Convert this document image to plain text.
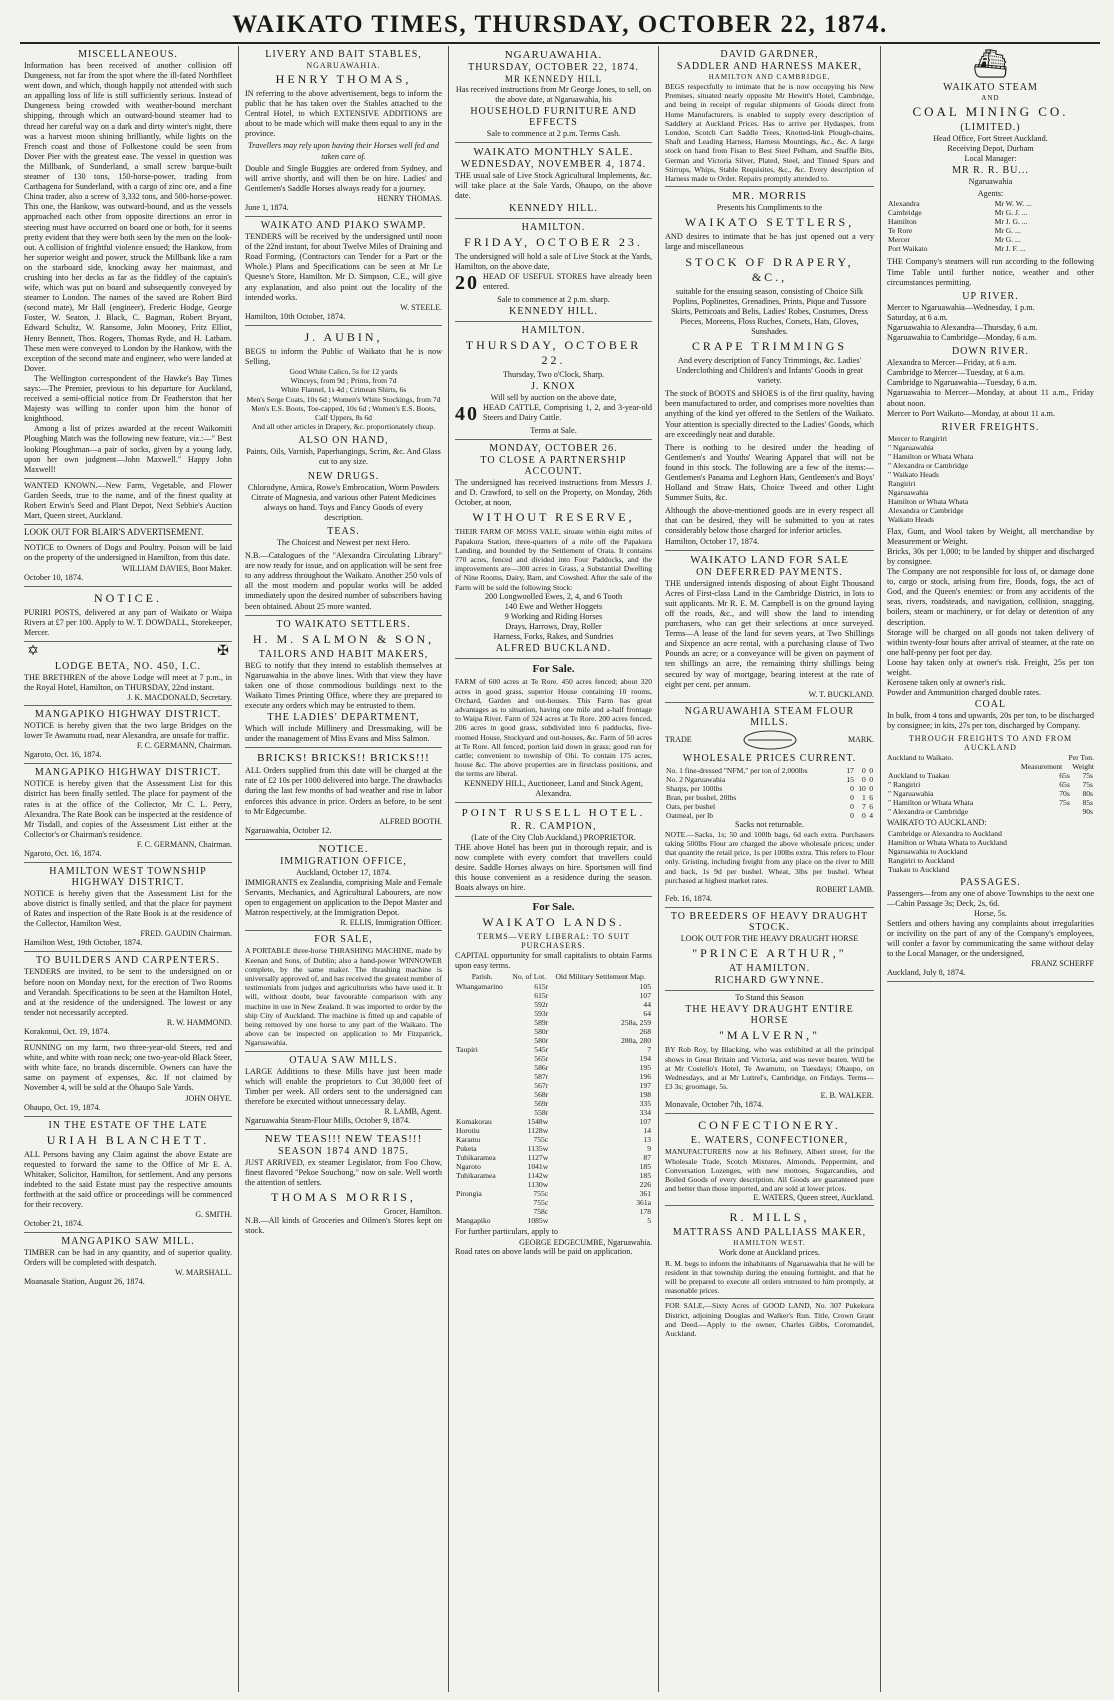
WAIKATO TIMES, THURSDAY, OCTOBER 22, 1874.
MISCELLANEOUS.

Information has been received of another collision off Dungeness, not far from the spot where the ill-fated Northfleet went down, and which, though happily not attended with such an appalling loss of life is still sufficiently serious. Instead of Dungeness being crowded with weather-bound merchant shipping, through which an outward-bound steamer had to thread her careful way on a dark and dirty winter's night, there was a harvest moon shining brilliantly, while lights on the French coast and those of Folkestone could be seen from Dover Pier with the greatest ease. The vessel in question was the Millbank, of Sunderland, a small screw barque-built steamer of 130 tons, 150-horse-power, trading from Carthagena for Sunderland, with a cargo of zinc ore, and a fine China trader, also a screw of 3,332 tons, and 500-horse-power. This one, the Hankow, was outward-bound, and as the vessels approached each other from opposite directions an error in steering must have occurred on board one or both, for it seems pretty evident that they were both seen by the men on the look-out. A collision of frightful violence ensued; the Hankow, from her superior weight and power, struck the Millbank like a ram on the starboard side, knocking away her mainmast, and crushing into her decks as far as the fiddley of the captain's wife, which was put on board and subsequently conveyed by steamer to London. The names of the saved are Robert Bird (second mate), Mr Hall (engineer), Frederic Hodge, George Foster, W. Seaton, J. Black, C. Bagman, Robert Bryant, Edward Schultz, W. Ransome, John Mooney, Fritz Elliot, Henry Bennett, Thos. Rogers, Thomas Ryde, and H. Latham. These men were conveyed to London by the Hankow, with the exception of the second mate and engineer, who were landed at Dover.

The Wellington correspondent of the Hawke's Bay Times says:—The Premier, previous to his departure for Auckland, received a semi-official notice from Dr Featherston that her Majesty was willing to confer upon him the honor of knighthood.

Among a list of prizes awarded at the recent Waikomiti Ploughing Match was the following new feature, viz.:—" Best looking Ploughman—a pair of socks, given by a young lady, upon her own judgment—John Maxwell." Happy John Maxwell!

WANTED KNOWN.—New Farm, Vegetable, and Flower Garden Seeds, true to the name, and of the finest quality at Robert Erwin's Seed and Plant Depot, Next Sebbie's Auction Mart, Queen street, Auckland.

LOOK OUT FOR BLAIR'S ADVERTISEMENT.

NOTICE to Owners of Dogs and Poultry. Poison will be laid on the property of the undersigned in Hamilton, from this date.

WILLIAM DAVIES, Boot Maker.

October 10, 1874.

NOTICE.

PURIRI POSTS, delivered at any part of Waikato or Waipa Rivers at £7 per 100. Apply to W. T. DOWDALL, Storekeeper, Mercer.

✡	✠
LODGE BETA, NO. 450, I.C.

THE BRETHREN of the above Lodge will meet at 7 p.m., in the Royal Hotel, Hamilton, on THURSDAY, 22nd instant.

J. K. MACDONALD, Secretary.
MANGAPIKO HIGHWAY DISTRICT.

NOTICE is hereby given that the two large Bridges on the lower Te Awamutu road, near Alexandra, are unsafe for traffic.

F. C. GERMANN, Chairman.

Ngaroto, Oct. 16, 1874.

MANGAPIKO HIGHWAY DISTRICT.

NOTICE is hereby given that the Assessment List for this district has been finally settled. The place for payment of the rates is at the office of the Collector, Mr C. L. Perry, Alexandra. The Rate Book can be inspected at the residence of Mr Tisdall, and copies of the Assessment List either at the Collector's or Chairman's residence.

F. C. GERMANN, Chairman.

Ngaroto, Oct. 16, 1874.

HAMILTON WEST TOWNSHIP HIGHWAY DISTRICT.

NOTICE is hereby given that the Assessment List for the above district is finally settled, and that the place for payment of Rates and inspection of the Rate Book is at the residence of the Collector, Hamilton West.

FRED. GAUDIN Chairman.

Hamilton West, 19th October, 1874.

TO BUILDERS AND CARPENTERS.

TENDERS are invited, to be sent to the undersigned on or before noon on Monday next, for the erection of Two Rooms and Verandah. Specifications to be seen at the Hamilton Hotel, and at the residence of the undersigned. The lowest or any tender not necessarily accepted.

R. W. HAMMOND.

Korakonui, Oct. 19, 1874.

RUNNING on my farm, two three-year-old Steers, red and white, and white with roan neck; one two-year-old Black Steer, with white face, no brands discernible. Owners can have the same on payment of expenses, &c. If not claimed by November 4, will be sold at the Ohaupo Sale Yards.

JOHN OHYE.

Ohaupo, Oct. 19, 1874.

IN THE ESTATE OF THE LATE
URIAH BLANCHETT.

ALL Persons having any Claim against the above Estate are requested to forward the same to the Office of Mr E. A. Whitaker, Solicitor, Hamilton, for settlement. And any persons indebted to the said Estate must pay the respective amounts forthwith at the said office or proceedings will be commenced for their recovery.

G. SMITH.

October 21, 1874.

MANGAPIKO SAW MILL.

TIMBER can be had in any quantity, and of superior quality. Orders will be completed with despatch.

W. MARSHALL.

Moanasale Station, August 26, 1874.

LIVERY AND BAIT STABLES,
NGARUAWAHIA.
HENRY THOMAS,

IN referring to the above advertisement, begs to inform the public that he has taken over the Stables attached to the Central Hotel, to which EXTENSIVE ADDITIONS are about to be made which will make them equal to any in the province.

Travellers may rely upon having their Horses well fed and taken care of.

Double and Single Buggies are ordered from Sydney, and will arrive shortly, and will then be on hire. Ladies' and Gentlemen's Saddle Horses always ready for a journey.

HENRY THOMAS.

June 1, 1874.

WAIKATO AND PIAKO SWAMP.

TENDERS will be received by the undersigned until noon of the 22nd instant, for about Twelve Miles of Draining and Road Forming, (Contractors can Tender for a Part or the Whole.) Plans and Specifications can be seen at Mr Le Quesne's Store, Hamilton. Mr D. Simpson, C.E., will give any explanation, and also point out the locality of the intended works.

W. STEELE.

Hamilton, 10th October, 1874.

J. AUBIN,

BEGS to inform the Public of Waikato that he is now Selling,

Good White Calico, 5s for 12 yards
Winceys, from 9d ; Prints, from 7d
White Flannel, 1s 4d ; Crimean Shirts, 6s
Men's Serge Coats, 10s 6d ; Women's White Stockings, from 7d
Men's E.S. Boots, Toe-capped, 10s 6d ; Women's E.S. Boots, Calf Uppers, 8s 6d
And all other articles in Drapery, &c. proportionately cheap.

ALSO ON HAND,

Paints, Oils, Varnish, Paperhangings, Scrim, &c. And Glass cut to any size.

NEW DRUGS.

Chlorodyne, Arnica, Rowe's Embrocation, Worm Powders Citrate of Magnesia, and various other Patent Medicines always on hand. Toys and Fancy Goods of every description.

TEAS.

The Choicest and Newest per next Hero.

N.B.—Catalogues of the "Alexandra Circulating Library" are now ready for issue, and on application will be sent free to any address throughout the Waikato. Another 250 vols of all the most modern and popular works will be added immediately upon the desired number of subscribers having been obtained. About 25 more wanted.

TO WAIKATO SETTLERS.
H. M. SALMON & SON,
TAILORS AND HABIT MAKERS,

BEG to notify that they intend to establish themselves at Ngaruawahia in the above lines. With that view they have taken one of those commodious buildings next to the Waikato Times Printing Office, where they are prepared to execute any orders which may be entrusted to them.

THE LADIES' DEPARTMENT,

Which will include Millinery and Dressmaking, will be under the management of Miss Evans and Miss Salmon.

BRICKS! BRICKS!! BRICKS!!!

ALL Orders supplied from this date will be charged at the rate of £2 10s per 1000 delivered into barge. The drawbacks during the last few months of bad weather and rise in labor enforces this advance in price. Orders as before, to be sent to Mr Edgecumbe.

ALFRED BOOTH.

Ngaruawahia, October 12.

NOTICE.
IMMIGRATION OFFICE,

Auckland, October 17, 1874.

IMMIGRANTS ex Zealandia, comprising Male and Female Servants, Mechanics, and Agricultural Labourers, are now open to engagement on application to the Depot Master and Matron respectively, at the Immigration Depot.

R. ELLIS, Immigration Officer.
FOR SALE,

A PORTABLE three-horse THRASHING MACHINE, made by Keenan and Sons, of Dublin; also a hand-power WINNOWER complete, by the same maker. The thrashing machine is universally approved of, and has received the greatest number of testimonials from judges and agriculturists who have used it. It will, without doubt, bear favourable comparison with any machine in use in New Zealand. It was imported to order by the ship City of Auckland. The machine is fitted up and capable of being removed by one horse to any part of the Waikato. The above can be inspected on application to Mr Fitzpatrick, Ngaruawahia.

OTAUA SAW MILLS.

LARGE Additions to these Mills have just been made which will enable the proprietors to Cut 30,000 feet of Timber per week. All orders sent to the undersigned can therefore be executed without unnecessary delay.

R. LAMB, Agent.

Ngaruawahia Steam-Flour Mills, October 9, 1874.

NEW TEAS!!! NEW TEAS!!!
SEASON 1874 AND 1875.

JUST ARRIVED, ex steamer Legislator, from Foo Chow, finest flavored "Pekoe Souchong," now on sale. Well worth the attention of settlers.

THOMAS MORRIS,
Grocer, Hamilton.

N.B.—All kinds of Groceries and Oilmen's Stores kept on stock.

NGARUAWAHIA.
THURSDAY, OCTOBER 22, 1874.
MR KENNEDY HILL

Has received instructions from Mr George Jones, to sell, on the above date, at Ngaruawahia, his

HOUSEHOLD FURNITURE AND EFFECTS

Sale to commence at 2 p.m. Terms Cash.

WAIKATO MONTHLY SALE.
WEDNESDAY, NOVEMBER 4, 1874.

THE usual sale of Live Stock Agricultural Implements, &c. will take place at the Sale Yards, Ohaupo, on the above date.

KENNEDY HILL.
HAMILTON.
FRIDAY, OCTOBER 23.

The undersigned will hold a sale of Live Stock at the Yards, Hamilton, on the above date,

20 HEAD OF USEFUL STORES have already been entered.

Sale to commence at 2 p.m. sharp.

KENNEDY HILL.
HAMILTON.
THURSDAY, OCTOBER 22.

Thursday, Two o'Clock, Sharp.

J. KNOX

Will sell by auction on the above date,

40 HEAD CATTLE, Comprising 1, 2, and 3-year-old Steers and Dairy Cattle.

Terms at Sale.

MONDAY, OCTOBER 26.
TO CLOSE A PARTNERSHIP ACCOUNT.

The undersigned has received instructions from Messrs J. and D. Crawford, to sell on the Property, on Monday, 26th October, at noon,

WITHOUT RESERVE,

THEIR FARM OF MOSS VALE, situate within eight miles of Papakura Station, three-quarters of a mile off the Papakura Landing, and bounded by the Settlement of Orata. It contains 770 acres, fenced and divided into Four Paddocks, and the improvements are—300 acres in Grass, a Substantial Dwelling of Nine Rooms, Dairy, Barn, and Cowshed. After the sale of the Farm will be sold the following Stock:

200 Longwoolled Ewes, 2, 4, and 6 Tooth
140 Ewe and Wether Hoggets
9 Working and Riding Horses
Drays, Harrows, Dray, Roller
Harness, Forks, Rakes, and Sundries

ALFRED BUCKLAND.
For Sale.

FARM of 600 acres at Te Rore. 450 acres fenced; about 320 acres in good grass, superior House containing 10 rooms, Orchard, Garden and out-houses. This Farm has great advantages as to situation, having one mile and a-half frontage to Waipa River. Farm of 324 acres at Te Rore. 200 acres fenced, 206 acres in good grass, subdivided into 6 paddocks, five-roomed House, Stockyard and out-houses, &c. Farm of 50 acres at Te Rore. All fenced, portion laid down in grass; good run for cattle; convenient to township of Ohi. To contain 175 acres, house &c. The above properties are in firstclass positions, and the terms are liberal.

KENNEDY HILL, Auctioneer, Land and Stock Agent, Alexandra.

POINT RUSSELL HOTEL.
R. R. CAMPION,

(Late of the City Club Auckland,) PROPRIETOR.

THE above Hotel has been put in thorough repair, and is now complete with every comfort that travellers could desire. Saddle Horses always on hire. Sportsmen will find this house convenient as a residence during the season. Boats always on hire.

For Sale.
WAIKATO LANDS.
TERMS—VERY LIBERAL: TO SUIT PURCHASERS.

CAPITAL opportunity for small capitalists to obtain Farms upon easy terms.

Parish.	No. of Lot.	Old Military Settlement Map.
Whangamarino	615r	105
	615r	107
	592r	44
	593r	64
	589r	258a, 259
	580r	268
	580r	280a, 280
Taupiri	545r	7
	565r	194
	586r	195
	587r	196
	567r	197
	568r	198
	569r	335
	558r	334
Komakorau	1548w	107
Horotiu	1128w	14
Karamu	755c	13
Puketa	1135w	9
Tuhikaramea	1127w	87
Ngaroto	1041w	185
Tuhikaramea	1142w	185
	1130w	226
Pirongia	755c	361
	755c	361a
	758c	178
Mangapiko	1085w	5

For further particulars, apply to

GEORGE EDGECUMBE, Ngaruawahia.

Road rates on above lands will be paid on application.

DAVID GARDNER,
SADDLER AND HARNESS MAKER,
HAMILTON AND CAMBRIDGE,

BEGS respectfully to intimate that he is now occupying his New Premises, situated nearly opposite Mr Hewitt's Hotel, Cambridge, and being in receipt of regular shipments of Goods direct from Home Manufacturers, is enabled to supply every description of Saddlery at Auckland Prices. Has to arrive per Hydaspes, from London, Scotch Cart Saddle Trees, Knotted-link Plough-chains, Shaft and Leading Harness, Harness Mountings, &c., &c. A large stock on hand from Fisan to Best Steel Pelham, and Snaffle Bits, German and Victoria Silver, Plated, Steel, and Tinned Spurs and Stirrups, Whips, Stable Requisites, &c., &c. Every description of Harness made to Order. Repairs promptly attended to.

MR. MORRIS

Presents his Compliments to the

WAIKATO SETTLERS,

AND desires to intimate that he has just opened out a very large and miscellaneous

STOCK OF DRAPERY, &C.,

suitable for the ensuing season, consisting of Choice Silk Poplins, Poplinettes, Grenadines, Prints, Pique and Tussore Skirts, Petticoats and Belts, Ladies' Robes, Costumes, Dress Pieces, Moreens, Floss Ruches, Corsets, Hats, Gloves, Sunshades.

CRAPE TRIMMINGS

And every description of Fancy Trimmings, &c. Ladies' Underclothing and Children's and Infants' Goods in great variety.

The stock of BOOTS and SHOES is of the first quality, having been manufactured to order, and comprises more novelties than anything of the kind yet offered to the Settlers of the Waikato. Your attention is specially directed to the Ladies' Goods, which are exceedingly neat and durable.

There is nothing to be desired under the heading of Gentlemen's and Youths' Wearing Apparel that will not be found in this stock. The following are a few of the items:— Gentlemen's Panama and Leghorn Hats, Gentlemen's and Boys' Holland and Straw Hats, Choice Tweed and other Light Summer Suits, &c.

Although the above-mentioned goods are in every respect all that can be desired, they will be submitted to you at rates considerably below those charged for inferior articles.

Hamilton, October 17, 1874.

WAIKATO LAND FOR SALE
ON DEFERRED PAYMENTS.

THE undersigned intends disposing of about Eight Thousand Acres of First-class Land in the Cambridge District, in lots to suit applicants. Mr R. E. M. Campbell is on the ground laying off the roads, &c., and will show the land to intending purchasers, who can get their selections at once surveyed. Terms—A lease of the land for seven years, at Two Shillings and Sixpence an acre rental, with a purchasing clause of Two Pounds an acre; or a conveyance will be given on payment of ten shillings an acre, the remaining thirty shillings being secured by way of mortgage, bearing interest at the rate of eight per cent. per annum.

W. T. BUCKLAND.
NGARUAWAHIA STEAM FLOUR MILLS.
TRADE	MARK.
WHOLESALE PRICES CURRENT.
No. 1 fine-dressed "NFM," per ton of 2,000lbs	17	0	0
No. 2 Ngaruawahia	15	0	0
Sharps, per 100lbs	0	10	0
Bran, per bushel, 20lbs	0	1	6
Oats, per bushel	0	7	6
Oatmeal, per lb	0	0	4

Sacks not returnable.

NOTE.—Sacks, 1s; 50 and 100lb bags, 6d each extra. Purchasers taking 500lbs Flour are charged the above wholesale prices; under that quantity the retail price, 1s per 100lbs extra. This refers to Flour only. Gristing, including freight from any place on the river to Mill and back, 1s 9d per bushel. Wheat, 3lbs per bushel. Wheat purchased at highest market rates.

ROBERT LAMB.

Feb. 16, 1874.

TO BREEDERS OF HEAVY DRAUGHT STOCK.

LOOK OUT FOR THE HEAVY DRAUGHT HORSE

"PRINCE ARTHUR,"
AT HAMILTON.
RICHARD GWYNNE.

To Stand this Season

THE HEAVY DRAUGHT ENTIRE HORSE
"MALVERN,"

BY Rob Roy, by Blacking, who was exhibited at all the principal shows in Great Britain and Victoria, and was never beaten. Will be at Mr Costello's Hotel, Te Awamutu, on Tuesdays; Ohaupo, on Wednesdays, and at Mr Luttrel's, Cambridge, on Fridays. Terms—£3 3s; groomage, 5s.

E. B. WALKER.

Monavale, October 7th, 1874.

CONFECTIONERY.
E. WATERS, CONFECTIONER,

MANUFACTURERS now at his Refinery, Albert street, for the Wholesale Trade, Scotch Mixtures, Almonds, Peppermint, and Conversation Lozenges, with new mottoes, Sugarcandies, and Boiled Goods of every description. All Goods are guaranteed pure and better than those imported, and are sold at lower prices.

E. WATERS, Queen street, Auckland.
R. MILLS,
MATTRASS AND PALLIASS MAKER,
HAMILTON WEST.

Work done at Auckland prices.

R. M. begs to inform the inhabitants of Ngaruawahia that he will be resident in that township during the ensuing fortnight, and that he will be prepared to execute all orders entrusted to him promptly, at reasonable prices.

FOR SALE,—Sixty Acres of GOOD LAND, No. 307 Pukekura District, adjoining Douglas and Walker's Run. Title, Crown Grant and Deed.—Apply to the owner, Charles Gibbs, Coromandel, Auckland.

⛴
WAIKATO STEAM
AND
COAL MINING CO.
(LIMITED.)

Head Office, Fort Street Auckland.

Receiving Depot, Durham

Local Manager:

MR R. R. BU...

Ngaruawahia

Agents:

Alexandra	Mr W. W. ...
Cambridge	Mr G. J. ...
Hamilton	Mr J. G. ...
Te Rore	Mr G. ...
Mercer	Mr G. ...
Port Waikato	Mr J. F. ...

THE Company's steamers will run according to the following Time Table until further notice, weather and other circumstances permitting.

UP RIVER.

Mercer to Ngaruawahia—Wednesday, 1 p.m.
Saturday, at 6 a.m.
Ngaruawahia to Alexandra—Thursday, 6 a.m.
Ngaruawahia to Cambridge—Monday, 6 a.m.

DOWN RIVER.

Alexandra to Mercer—Friday, at 6 a.m.
Cambridge to Mercer—Tuesday, at 6 a.m.
Cambridge to Ngaruawahia—Tuesday, 6 a.m.
Ngaruawahia to Mercer—Monday, at about 11 a.m., Friday about noon.
Mercer to Port Waikato—Monday, at about 11 a.m.

RIVER FREIGHTS.
Mercer to Rangiriri	
" Ngaruawahia	
" Hamilton or Whata Whata	
" Alexandra or Cambridge	
" Waikato Heads	
Rangiriri	
Ngaruawahia	
Hamilton or Whata Whata	
Alexandra or Cambridge	
Waikato Heads	

Flax, Gum, and Wool taken by Weight, all merchandise by Measurement or Weight.

Bricks, 30s per 1,000; to be landed by shipper and discharged by consignee.

The Company are not responsible for loss of, or damage done to, cargo or stock, arising from fire, floods, fogs, the act of God, and the Queen's enemies: or from any accidents of the seas, rivers, roadsteads, and navigation, collision, snagging, boilers, steam or machinery, or for delay or detention of any description.

Storage will be charged on all goods not taken delivery of within twenty-four hours after arrival of steamer, at the rate on one half-penny per foot per day.

Loose hay taken only at owner's risk. Freight, 25s per ton weight.

Kerosene taken only at owner's risk.

Powder and Ammunition charged double rates.

COAL

In bulk, from 4 tons and upwards, 20s per ton, to be discharged by consignee; in kits, 27s per ton, discharged by Company.

THROUGH FREIGHTS TO AND FROM AUCKLAND
Auckland to Waikato.	Per Ton.
Measurement Weight
Auckland to Tuakau	65s	75s
" Rangiriri	65s	75s
" Ngaruawahia	70s	80s
" Hamilton or Whata Whata	75s	85s
" Alexandra or Cambridge		90s

WAIKATO TO AUCKLAND:

Cambridge or Alexandra to Auckland	
Hamilton or Whata Whata to Auckland	
Ngaruawahia to Auckland	
Rangiriri to Auckland	
Tuakau to Auckland	
PASSAGES.

Passengers—from any one of above Townships to the next one—Cabin Passage 3s; Deck, 2s, 6d.

Horse, 5s.

Settlers and others having any complaints about irregularities or incivility on the part of any of the Company's employees, will confer a favor by communicating the same without delay to the Local Manager, or the undersigned,

FRANZ SCHERFF

Auckland, July 8, 1874.
